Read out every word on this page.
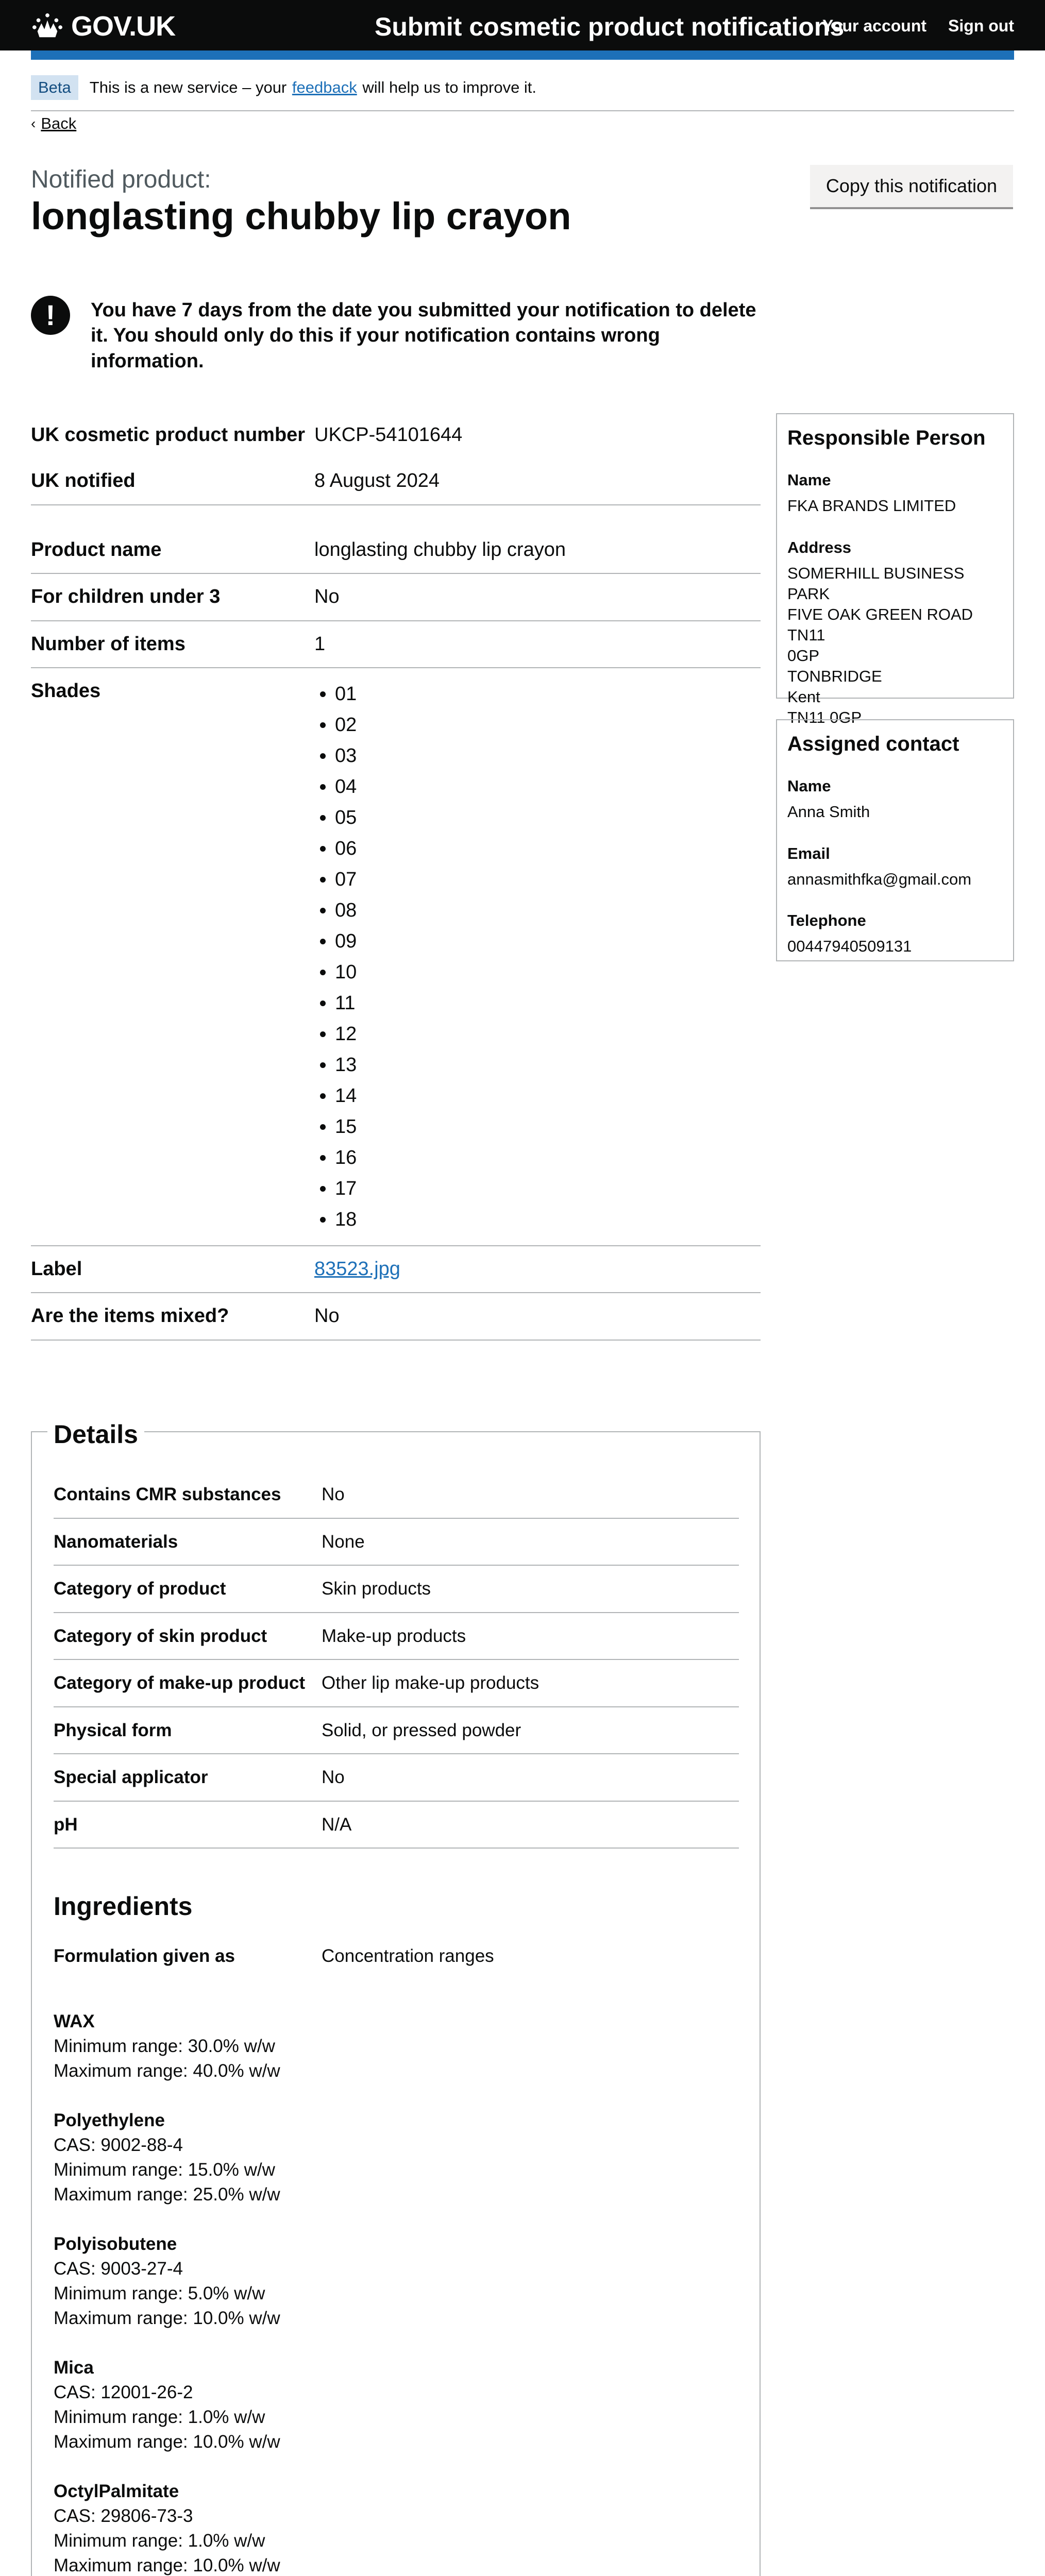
GOV.UK	Submit cosmetic product notifications
Your account Sign out
Beta	This is a new service – your
feedback
will help us to improve it.
‹ Back
Notified product:
longlasting chubby lip crayon
Copy this notification
!	You have 7 days from the date you submitted your notification to delete it. You should only do this if your notification contains wrong information.
UK cosmetic product number UKCP-54101644
UK notified	8 August 2024
Product name	longlasting chubby lip crayon
For children under 3	No
Number of items	1
Shades
•	01
• 02
• 03
• 04
• 05
• 06
• 07
• 08
• 09
• 10
• 11
• 12
• 13
• 14
• 15
• 16
• 17
• 18
Label	83523.jpg
Are the items mixed?	No
Responsible Person
Name
FKA BRANDS LIMITED
Address
SOMERHILL BUSINESS PARK
FIVE OAK GREEN ROAD TN11
0GP
TONBRIDGE
Kent
TN11 0GP
Assigned contact
Name
Anna Smith
Email
annasmithfka@gmail.com
Telephone
00447940509131
Details
Contains CMR substances	No
Nanomaterials	None
Category of product	Skin products
Category of skin product	Make-up products
Category of make-up product Other lip make-up products
Physical form	Solid, or pressed powder
Special applicator	No
pH	N/A
Ingredients
Formulation given as	Concentration ranges
WAX
Minimum range: 30.0% w/w
Maximum range: 40.0% w/w
Polyethylene
CAS: 9002-88-4
Minimum range: 15.0% w/w
Maximum range: 25.0% w/w
Polyisobutene
CAS: 9003-27-4
Minimum range: 5.0% w/w
Maximum range: 10.0% w/w
Mica
CAS: 12001-26-2
Minimum range: 1.0% w/w
Maximum range: 10.0% w/w
OctylPalmitate
CAS: 29806-73-3
Minimum range: 1.0% w/w
Maximum range: 10.0% w/w
